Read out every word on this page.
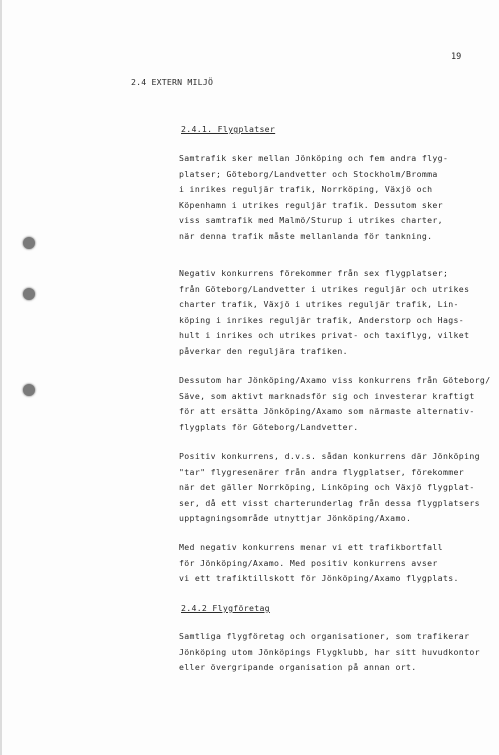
19
2.4 EXTERN MILJÖ
2.4.1. Flygplatser
Samtrafik sker mellan Jönköping och fem andra flyg-
platser; Göteborg/Landvetter och Stockholm/Bromma
i inrikes reguljär trafik, Norrköping, Växjö och
Köpenhamn i utrikes reguljär trafik. Dessutom sker
viss samtrafik med Malmö/Sturup i utrikes charter,
när denna trafik måste mellanlanda för tankning.
Negativ konkurrens förekommer från sex flygplatser;
från Göteborg/Landvetter i utrikes reguljär och utrikes
charter trafik, Växjö i utrikes reguljär trafik, Lin-
köping i inrikes reguljär trafik, Anderstorp och Hags-
hult i inrikes och utrikes privat- och taxiflyg, vilket
påverkar den reguljära trafiken.
Dessutom har Jönköping/Axamo viss konkurrens från Göteborg/
Säve, som aktivt marknadsför sig och investerar kraftigt
för att ersätta Jönköping/Axamo som närmaste alternativ-
flygplats för Göteborg/Landvetter.
Positiv konkurrens, d.v.s. sådan konkurrens där Jönköping
"tar" flygresenärer från andra flygplatser, förekommer
när det gäller Norrköping, Linköping och Växjö flygplat-
ser, då ett visst charterunderlag från dessa flygplatsers
upptagningsområde utnyttjar Jönköping/Axamo.
Med negativ konkurrens menar vi ett trafikbortfall
för Jönköping/Axamo. Med positiv konkurrens avser
vi ett trafiktillskott för Jönköping/Axamo flygplats.
2.4.2 Flygföretag
Samtliga flygföretag och organisationer, som trafikerar
Jönköping utom Jönköpings Flygklubb, har sitt huvudkontor
eller övergripande organisation på annan ort.
